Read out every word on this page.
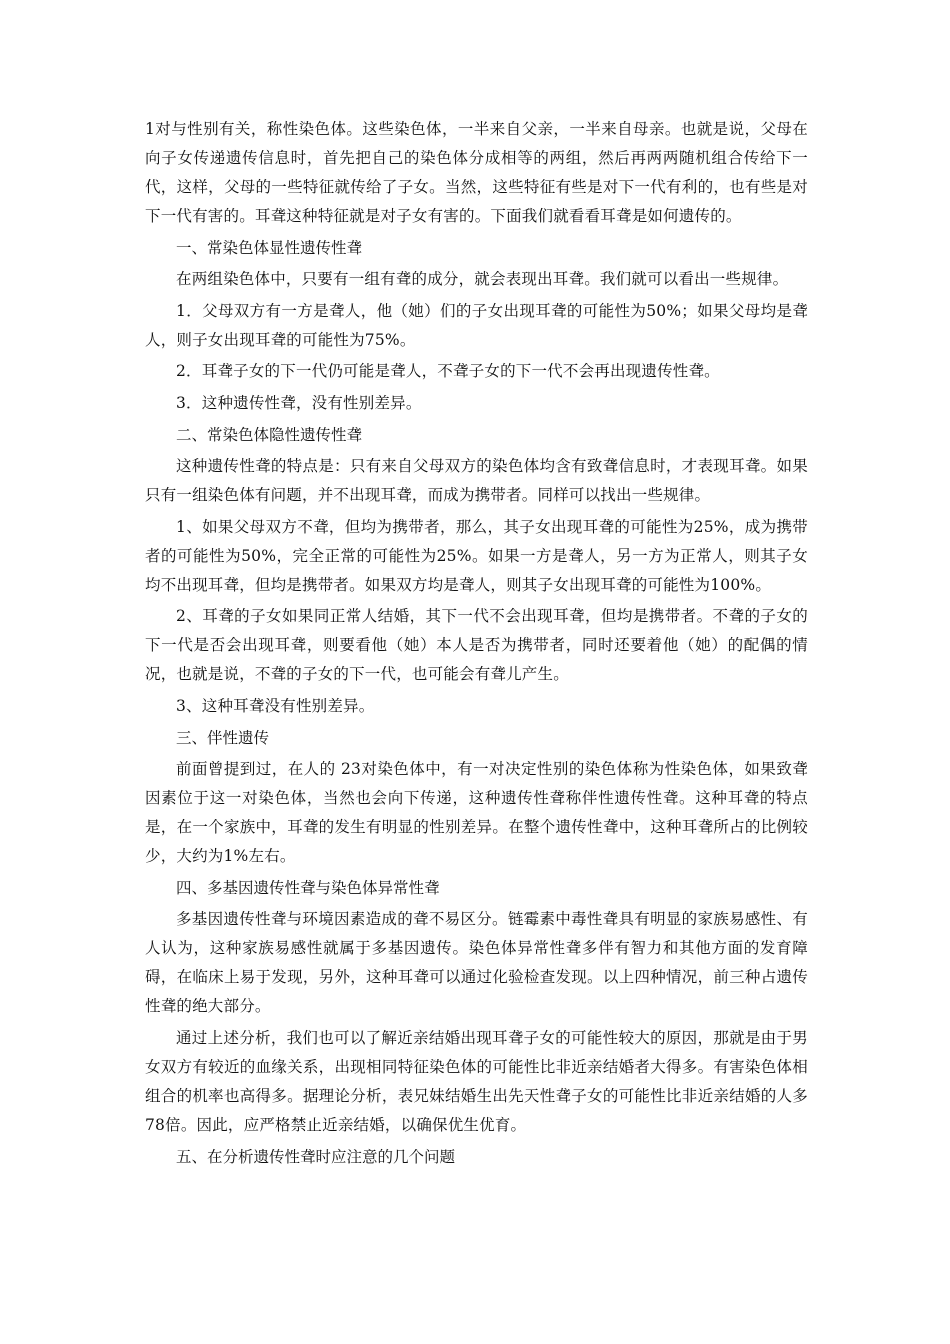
1对与性别有关，称性染色体。这些染色体，一半来自父亲，一半来自母亲。也就是说，父母在向子女传递遗传信息时，首先把自己的染色体分成相等的两组，然后再两两随机组合传给下一代，这样，父母的一些特征就传给了子女。当然，这些特征有些是对下一代有利的，也有些是对下一代有害的。耳聋这种特征就是对子女有害的。下面我们就看看耳聋是如何遗传的。

一、常染色体显性遗传性聋

在两组染色体中，只要有一组有聋的成分，就会表现出耳聋。我们就可以看出一些规律。

1．父母双方有一方是聋人，他（她）们的子女出现耳聋的可能性为50%；如果父母均是聋人，则子女出现耳聋的可能性为75%。

2．耳聋子女的下一代仍可能是聋人，不聋子女的下一代不会再出现遗传性聋。

3．这种遗传性聋，没有性别差异。

二、常染色体隐性遗传性聋

这种遗传性聋的特点是：只有来自父母双方的染色体均含有致聋信息时，才表现耳聋。如果只有一组染色体有问题，并不出现耳聋，而成为携带者。同样可以找出一些规律。

1、如果父母双方不聋，但均为携带者，那么，其子女出现耳聋的可能性为25%，成为携带者的可能性为50%，完全正常的可能性为25%。如果一方是聋人，另一方为正常人，则其子女均不出现耳聋，但均是携带者。如果双方均是聋人，则其子女出现耳聋的可能性为100%。

2、耳聋的子女如果同正常人结婚，其下一代不会出现耳聋，但均是携带者。不聋的子女的下一代是否会出现耳聋，则要看他（她）本人是否为携带者，同时还要着他（她）的配偶的情况，也就是说，不聋的子女的下一代，也可能会有聋儿产生。

3、这种耳聋没有性别差异。

三、伴性遗传

前面曾提到过，在人的 23对染色体中，有一对决定性别的染色体称为性染色体，如果致聋因素位于这一对染色体，当然也会向下传递，这种遗传性聋称伴性遗传性聋。这种耳聋的特点是，在一个家族中，耳聋的发生有明显的性别差异。在整个遗传性聋中，这种耳聋所占的比例较少，大约为1%左右。

四、多基因遗传性聋与染色体异常性聋

多基因遗传性聋与环境因素造成的聋不易区分。链霉素中毒性聋具有明显的家族易感性、有人认为，这种家族易感性就属于多基因遗传。染色体异常性聋多伴有智力和其他方面的发育障碍，在临床上易于发现，另外，这种耳聋可以通过化验检查发现。以上四种情况，前三种占遗传性聋的绝大部分。

通过上述分析，我们也可以了解近亲结婚出现耳聋子女的可能性较大的原因，那就是由于男女双方有较近的血缘关系，出现相同特征染色体的可能性比非近亲结婚者大得多。有害染色体相组合的机率也高得多。据理论分析，表兄妹结婚生出先天性聋子女的可能性比非近亲结婚的人多78倍。因此，应严格禁止近亲结婚，以确保优生优育。

五、在分析遗传性聋时应注意的几个问题
